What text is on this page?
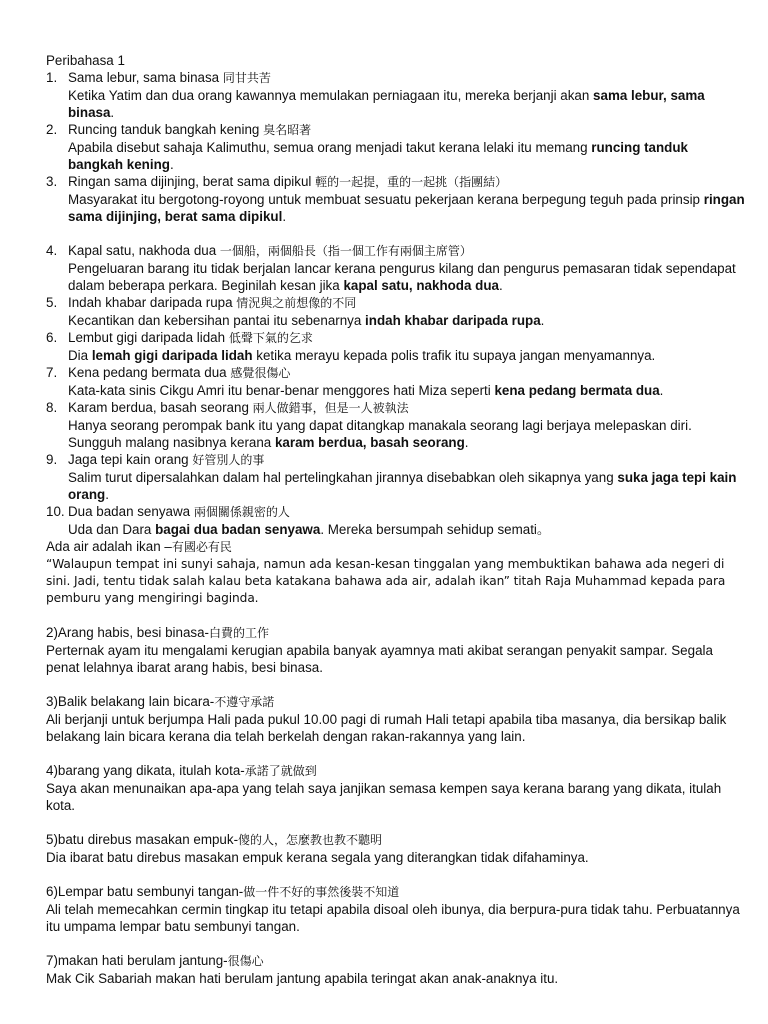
Peribahasa 1

1. Sama lebur, sama binasa 同甘共苦
Ketika Yatim dan dua orang kawannya memulakan perniagaan itu, mereka berjanji akan sama lebur, sama binasa.
2. Runcing tanduk bangkah kening 臭名昭著
Apabila disebut sahaja Kalimuthu, semua orang menjadi takut kerana lelaki itu memang runcing tanduk bangkah kening.
3. Ringan sama dijinjing, berat sama dipikul 輕的一起提，重的一起挑（指團結）
Masyarakat itu bergotong-royong untuk membuat sesuatu pekerjaan kerana berpegung teguh pada prinsip ringan sama dijinjing, berat sama dipikul.
4. Kapal satu, nakhoda dua 一個船，兩個船長（指一個工作有兩個主席管）
Pengeluaran barang itu tidak berjalan lancar kerana pengurus kilang dan pengurus pemasaran tidak sependapat dalam beberapa perkara. Beginilah kesan jika kapal satu, nakhoda dua.
5. Indah khabar daripada rupa 情況與之前想像的不同
Kecantikan dan kebersihan pantai itu sebenarnya indah khabar daripada rupa.
6. Lembut gigi daripada lidah 低聲下氣的乞求
Dia lemah gigi daripada lidah ketika merayu kepada polis trafik itu supaya jangan menyamannya.
7. Kena pedang bermata dua 感覺很傷心
Kata-kata sinis Cikgu Amri itu benar-benar menggores hati Miza seperti kena pedang bermata dua.
8. Karam berdua, basah seorang 兩人做錯事，但是一人被執法
Hanya seorang perompak bank itu yang dapat ditangkap manakala seorang lagi berjaya melepaskan diri. Sungguh malang nasibnya kerana karam berdua, basah seorang.
9. Jaga tepi kain orang 好管別人的事
Salim turut dipersalahkan dalam hal pertelingkahan jirannya disebabkan oleh sikapnya yang suka jaga tepi kain orang.
10. Dua badan senyawa 兩個關係親密的人
Uda dan Dara bagai dua badan senyawa. Mereka bersumpah sehidup semati。

Ada air adalah ikan –有國必有民

“Walaupun tempat ini sunyi sahaja, namun ada kesan-kesan tinggalan yang membuktikan bahawa ada negeri di sini. Jadi, tentu tidak salah kalau beta katakana bahawa ada air, adalah ikan” titah Raja Muhammad kepada para pemburu yang mengiringi baginda.

2)Arang habis, besi binasa-白費的工作

Perternak ayam itu mengalami kerugian apabila banyak ayamnya mati akibat serangan penyakit sampar. Segala penat lelahnya ibarat arang habis, besi binasa.

3)Balik belakang lain bicara-不遵守承諾

Ali berjanji untuk berjumpa Hali pada pukul 10.00 pagi di rumah Hali tetapi apabila tiba masanya, dia bersikap balik belakang lain bicara kerana dia telah berkelah dengan rakan-rakannya yang lain.

4)barang yang dikata, itulah kota-承諾了就做到

Saya akan menunaikan apa-apa yang telah saya janjikan semasa kempen saya kerana barang yang dikata, itulah kota.

5)batu direbus masakan empuk-傻的人，怎麼教也教不聽明

Dia ibarat batu direbus masakan empuk kerana segala yang diterangkan tidak difahaminya.

6)Lempar batu sembunyi tangan-做一件不好的事然後裝不知道

Ali telah memecahkan cermin tingkap itu tetapi apabila disoal oleh ibunya, dia berpura-pura tidak tahu. Perbuatannya itu umpama lempar batu sembunyi tangan.

7)makan hati berulam jantung-很傷心

Mak Cik Sabariah makan hati berulam jantung apabila teringat akan anak-anaknya itu.
